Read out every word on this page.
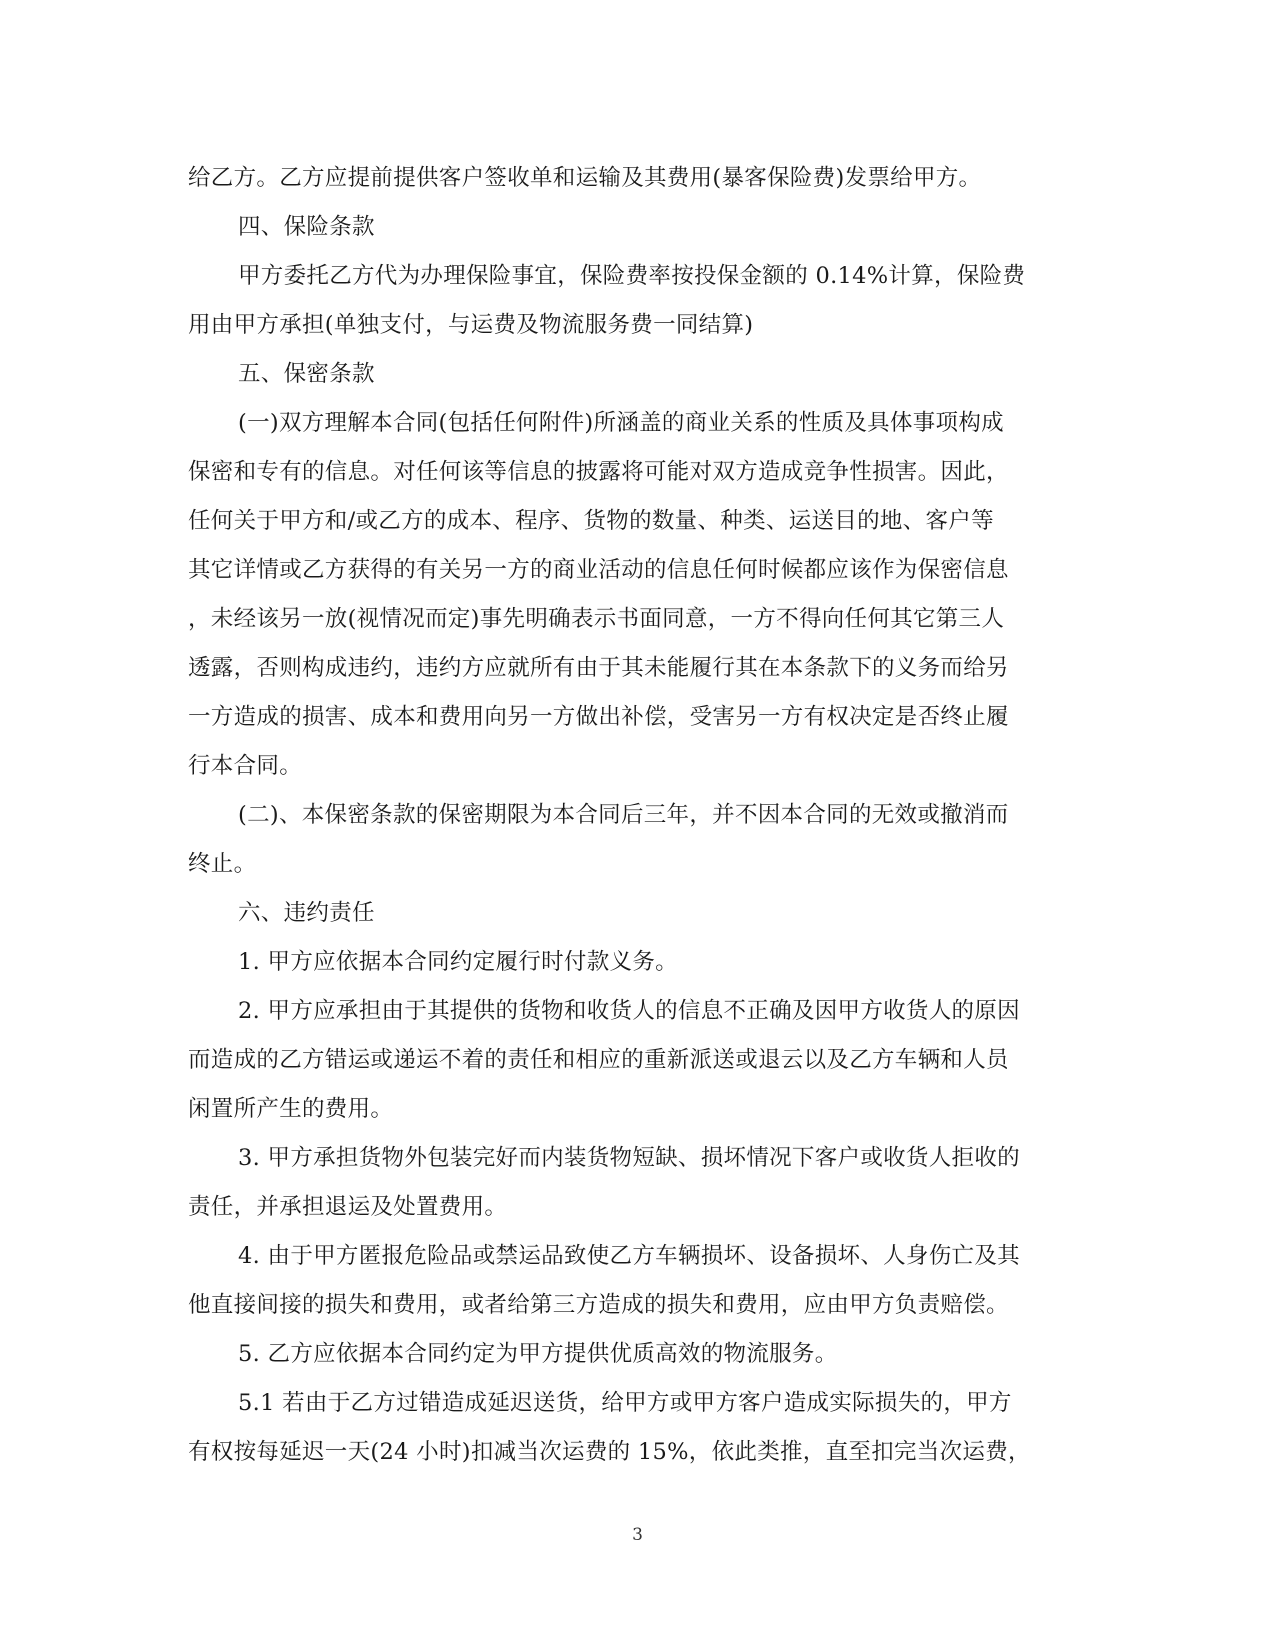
给乙方。乙方应提前提供客户签收单和运输及其费用(暴客保险费)发票给甲方。

四、保险条款

甲方委托乙方代为办理保险事宜，保险费率按投保金额的 0.14%计算，保险费

用由甲方承担(单独支付，与运费及物流服务费一同结算)

五、保密条款

(一)双方理解本合同(包括任何附件)所涵盖的商业关系的性质及具体事项构成

保密和专有的信息。对任何该等信息的披露将可能对双方造成竞争性损害。因此，

任何关于甲方和/或乙方的成本、程序、货物的数量、种类、运送目的地、客户等

其它详情或乙方获得的有关另一方的商业活动的信息任何时候都应该作为保密信息

，未经该另一放(视情况而定)事先明确表示书面同意，一方不得向任何其它第三人

透露，否则构成违约，违约方应就所有由于其未能履行其在本条款下的义务而给另

一方造成的损害、成本和费用向另一方做出补偿，受害另一方有权决定是否终止履

行本合同。

(二)、本保密条款的保密期限为本合同后三年，并不因本合同的无效或撤消而

终止。

六、违约责任

1. 甲方应依据本合同约定履行时付款义务。

2. 甲方应承担由于其提供的货物和收货人的信息不正确及因甲方收货人的原因

而造成的乙方错运或递运不着的责任和相应的重新派送或退云以及乙方车辆和人员

闲置所产生的费用。

3. 甲方承担货物外包装完好而内装货物短缺、损坏情况下客户或收货人拒收的

责任，并承担退运及处置费用。

4. 由于甲方匿报危险品或禁运品致使乙方车辆损坏、设备损坏、人身伤亡及其

他直接间接的损失和费用，或者给第三方造成的损失和费用，应由甲方负责赔偿。

5. 乙方应依据本合同约定为甲方提供优质高效的物流服务。

5.1 若由于乙方过错造成延迟送货，给甲方或甲方客户造成实际损失的，甲方

有权按每延迟一天(24 小时)扣减当次运费的 15%，依此类推，直至扣完当次运费，

3
